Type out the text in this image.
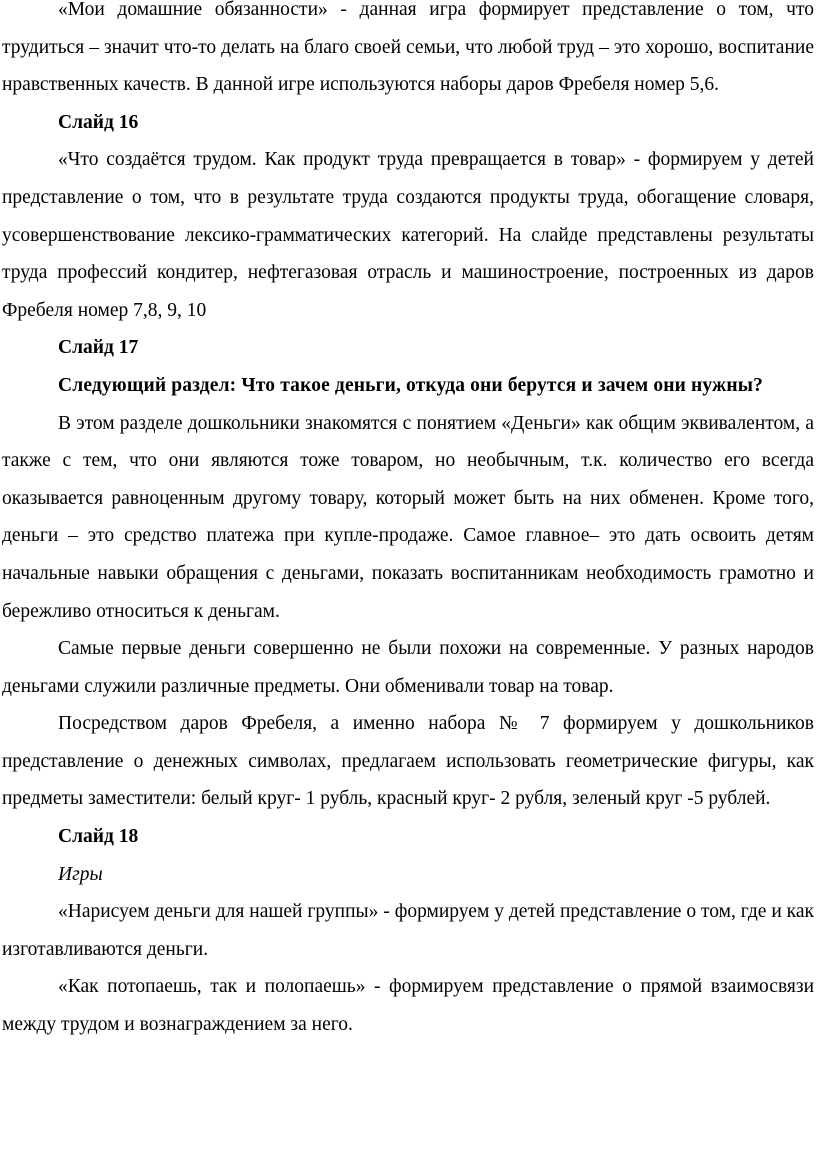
«Мои домашние обязанности» - данная игра формирует представление о том, что трудиться – значит что-то делать на благо своей семьи, что любой труд – это хорошо, воспитание нравственных качеств. В данной игре используются наборы даров Фребеля номер 5,6.

Слайд 16

«Что создаётся трудом. Как продукт труда превращается в товар» - формируем у детей представление о том, что в результате труда создаются продукты труда, обогащение словаря, усовершенствование лексико-грамматических категорий. На слайде представлены результаты труда профессий кондитер, нефтегазовая отрасль и машиностроение, построенных из даров Фребеля номер 7,8, 9, 10

Слайд 17

Следующий раздел: Что такое деньги, откуда они берутся и зачем они нужны?

В этом разделе дошкольники знакомятся с понятием «Деньги» как общим эквивалентом, а также с тем, что они являются тоже товаром, но необычным, т.к. количество его всегда оказывается равноценным другому товару, который может быть на них обменен. Кроме того, деньги – это средство платежа при купле-продаже. Самое главное– это дать освоить детям начальные навыки обращения с деньгами, показать воспитанникам необходимость грамотно и бережливо относиться к деньгам.

Самые первые деньги совершенно не были похожи на современные. У разных народов деньгами служили различные предметы. Они обменивали товар на товар.

Посредством даров Фребеля, а именно набора № 7 формируем у дошкольников представление о денежных символах, предлагаем использовать геометрические фигуры, как предметы заместители: белый круг- 1 рубль, красный круг- 2 рубля, зеленый круг -5 рублей.

Слайд 18

Игры

«Нарисуем деньги для нашей группы» - формируем у детей представление о том, где и как изготавливаются деньги.

«Как потопаешь, так и полопаешь» - формируем представление о прямой взаимосвязи между трудом и вознаграждением за него.
